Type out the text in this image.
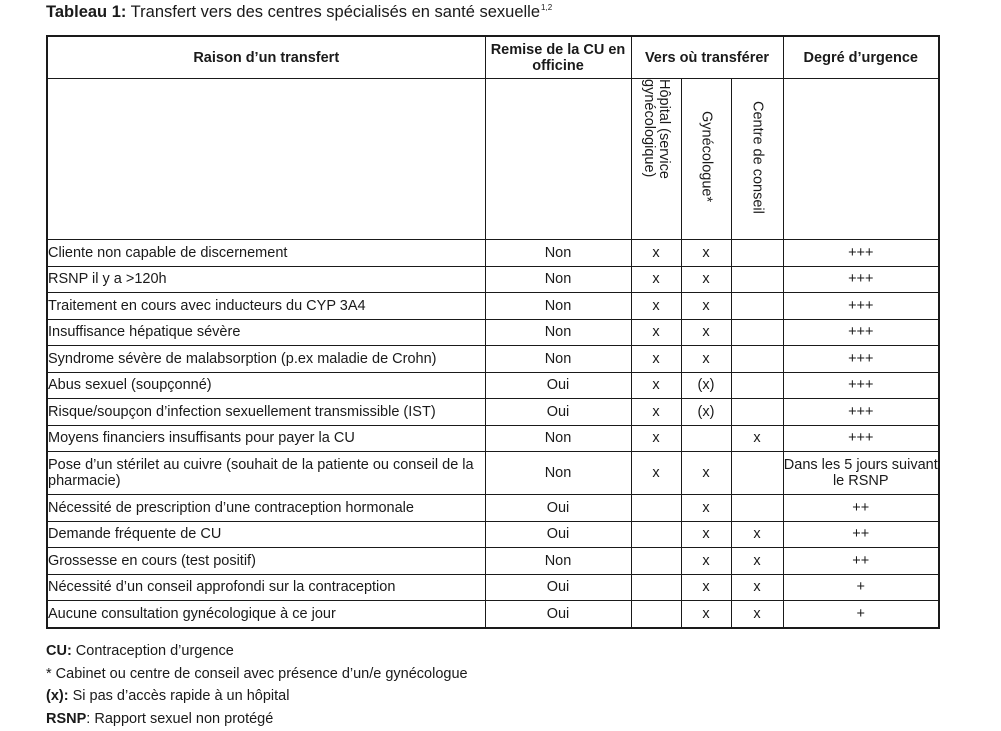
Tableau 1: Transfert vers des centres spécialisés en santé sexuelle$^{1,2}$
Raison d’un transfert	Remise de la CU en officine	Vers où transférer			Degré d’urgence
		Hôpital (service gynécologique)	Gynécologue*	Centre de conseil	
Cliente non capable de discernement	Non	x	x		+++
RSNP il y a >120h	Non	x	x		+++
Traitement en cours avec inducteurs du CYP 3A4	Non	x	x		+++
Insuffisance hépatique sévère	Non	x	x		+++
Syndrome sévère de malabsorption (p.ex maladie de Crohn)	Non	x	x		+++
Abus sexuel (soupçonné)	Oui	x	(x)		+++
Risque/soupçon d’infection sexuellement transmissible (IST)	Oui	x	(x)		+++
Moyens financiers insuffisants pour payer la CU	Non	x		x	+++
Pose d’un stérilet au cuivre (souhait de la patiente ou conseil de la pharmacie)	Non	x	x		Dans les 5 jours suivant le RSNP
Nécessité de prescription d’une contraception hormonale	Oui		x		++
Demande fréquente de CU	Oui		x	x	++
Grossesse en cours (test positif)	Non		x	x	++
Nécessité d’un conseil approfondi sur la contraception	Oui		x	x	+
Aucune consultation gynécologique à ce jour	Oui		x	x	+
CU: Contraception d’urgence
* Cabinet ou centre de conseil avec présence d’un/e gynécologue
(x): Si pas d’accès rapide à un hôpital
RSNP: Rapport sexuel non protégé
